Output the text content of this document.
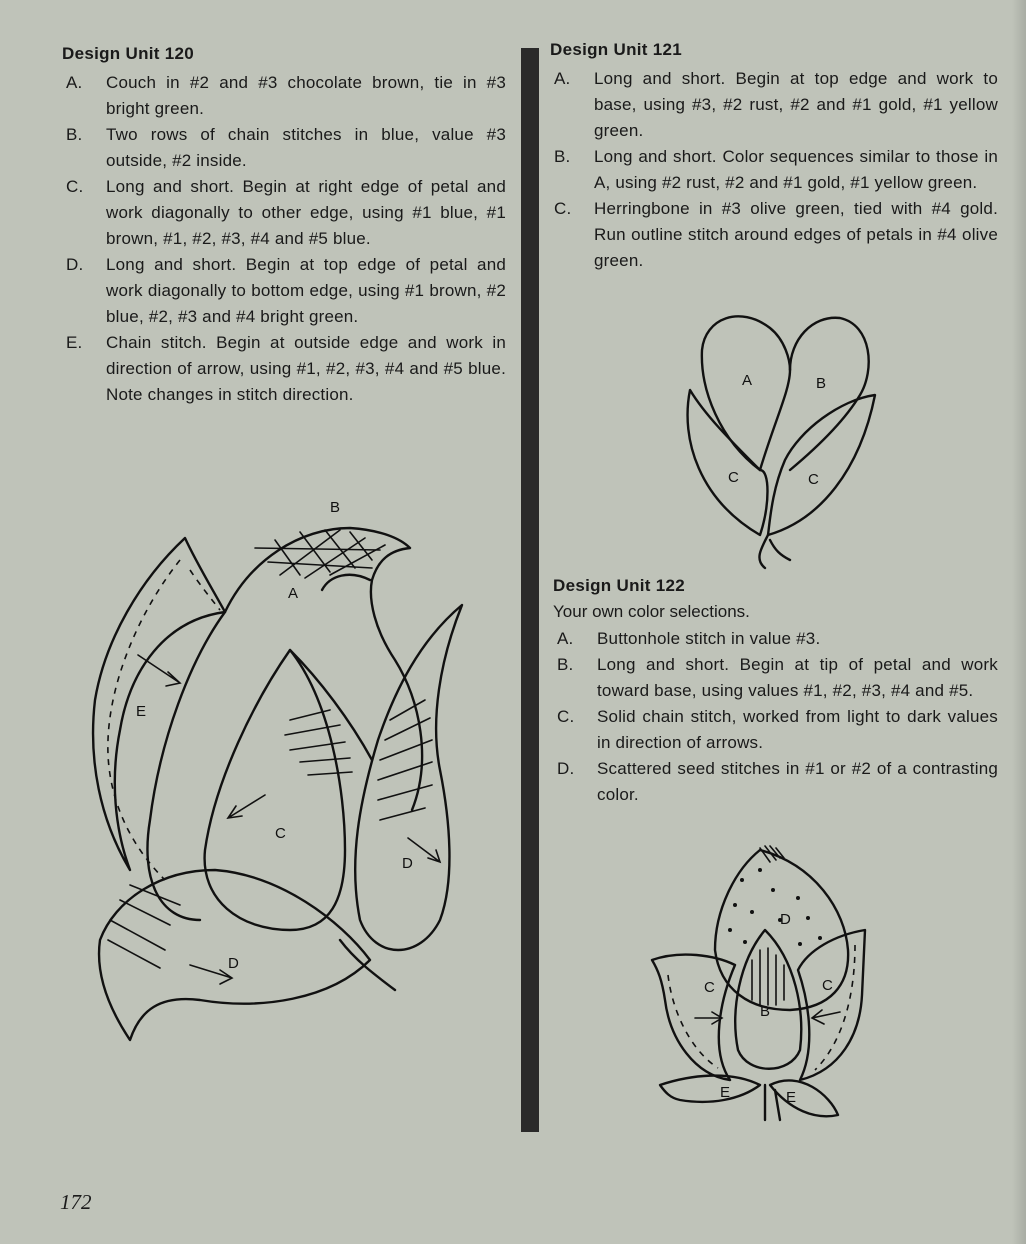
Design Unit 120
A.	Couch in #2 and #3 chocolate brown, tie in #3 bright green.
B.	Two rows of chain stitches in blue, value #3 outside, #2 inside.
C.	Long and short. Begin at right edge of petal and work diagonally to other edge, using #1 blue, #1 brown, #1, #2, #3, #4 and #5 blue.
D.	Long and short. Begin at top edge of petal and work diagonally to bottom edge, using #1 brown, #2 blue, #2, #3 and #4 bright green.
E.	Chain stitch. Begin at outside edge and work in direction of arrow, using #1, #2, #3, #4 and #5 blue. Note changes in stitch direction.
Design Unit 121
A.	Long and short. Begin at top edge and work to base, using #3, #2 rust, #2 and #1 gold, #1 yellow green.
B.	Long and short. Color sequences similar to those in A, using #2 rust, #2 and #1 gold, #1 yellow green.
C.	Herringbone in #3 olive green, tied with #4 gold. Run outline stitch around edges of petals in #4 olive green.
Design Unit 122
Your own color selections.
A.	Buttonhole stitch in value #3.
B.	Long and short. Begin at tip of petal and work toward base, using values #1, #2, #3, #4 and #5.
C.	Solid chain stitch, worked from light to dark values in direction of arrows.
D.	Scattered seed stitches in #1 or #2 of a contrasting color.
B
A
E
C
D
D
A	B
C	C
C	C
B
D
E	E
172
